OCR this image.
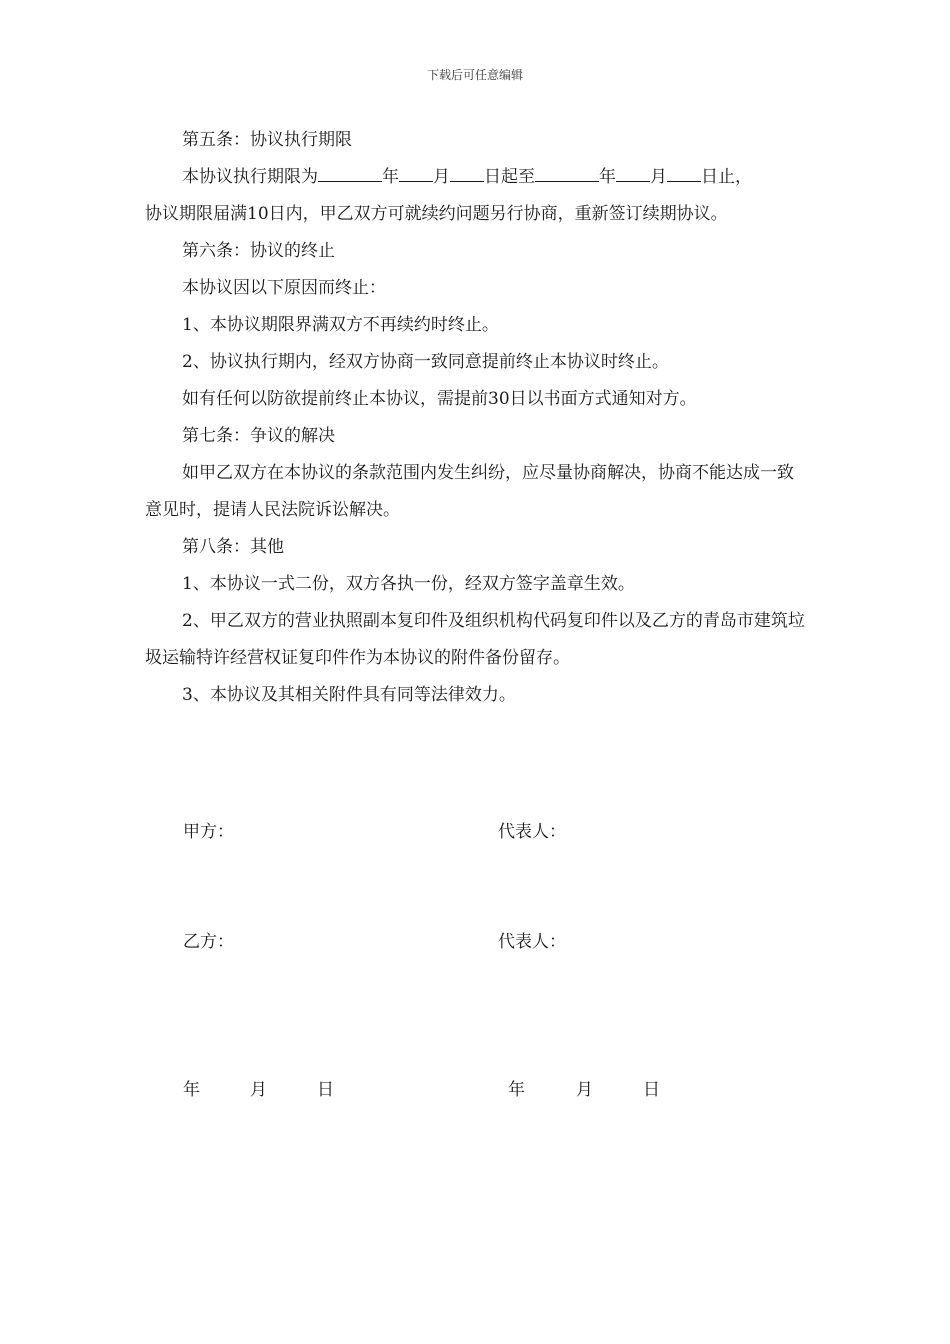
下载后可任意编辑

第五条：协议执行期限

本协议执行期限为	年 月 日起至	年 月 日止，

协议期限届满10日内，甲乙双方可就续约问题另行协商，重新签订续期协议。

第六条：协议的终止

本协议因以下原因而终止：

1、本协议期限界满双方不再续约时终止。

2、协议执行期内，经双方协商一致同意提前终止本协议时终止。

如有任何以防欲提前终止本协议，需提前30日以书面方式通知对方。

第七条：争议的解决

如甲乙双方在本协议的条款范围内发生纠纷，应尽量协商解决，协商不能达成一致意见时，提请人民法院诉讼解决。

第八条：其他

1、本协议一式二份，双方各执一份，经双方签字盖章生效。

2、甲乙双方的营业执照副本复印件及组织机构代码复印件以及乙方的青岛市建筑垃圾运输特许经营权证复印件作为本协议的附件备份留存。

3、本协议及其相关附件具有同等法律效力。

甲方：	代表人：
乙方：	代表人：
年	月	日	年	月	日
